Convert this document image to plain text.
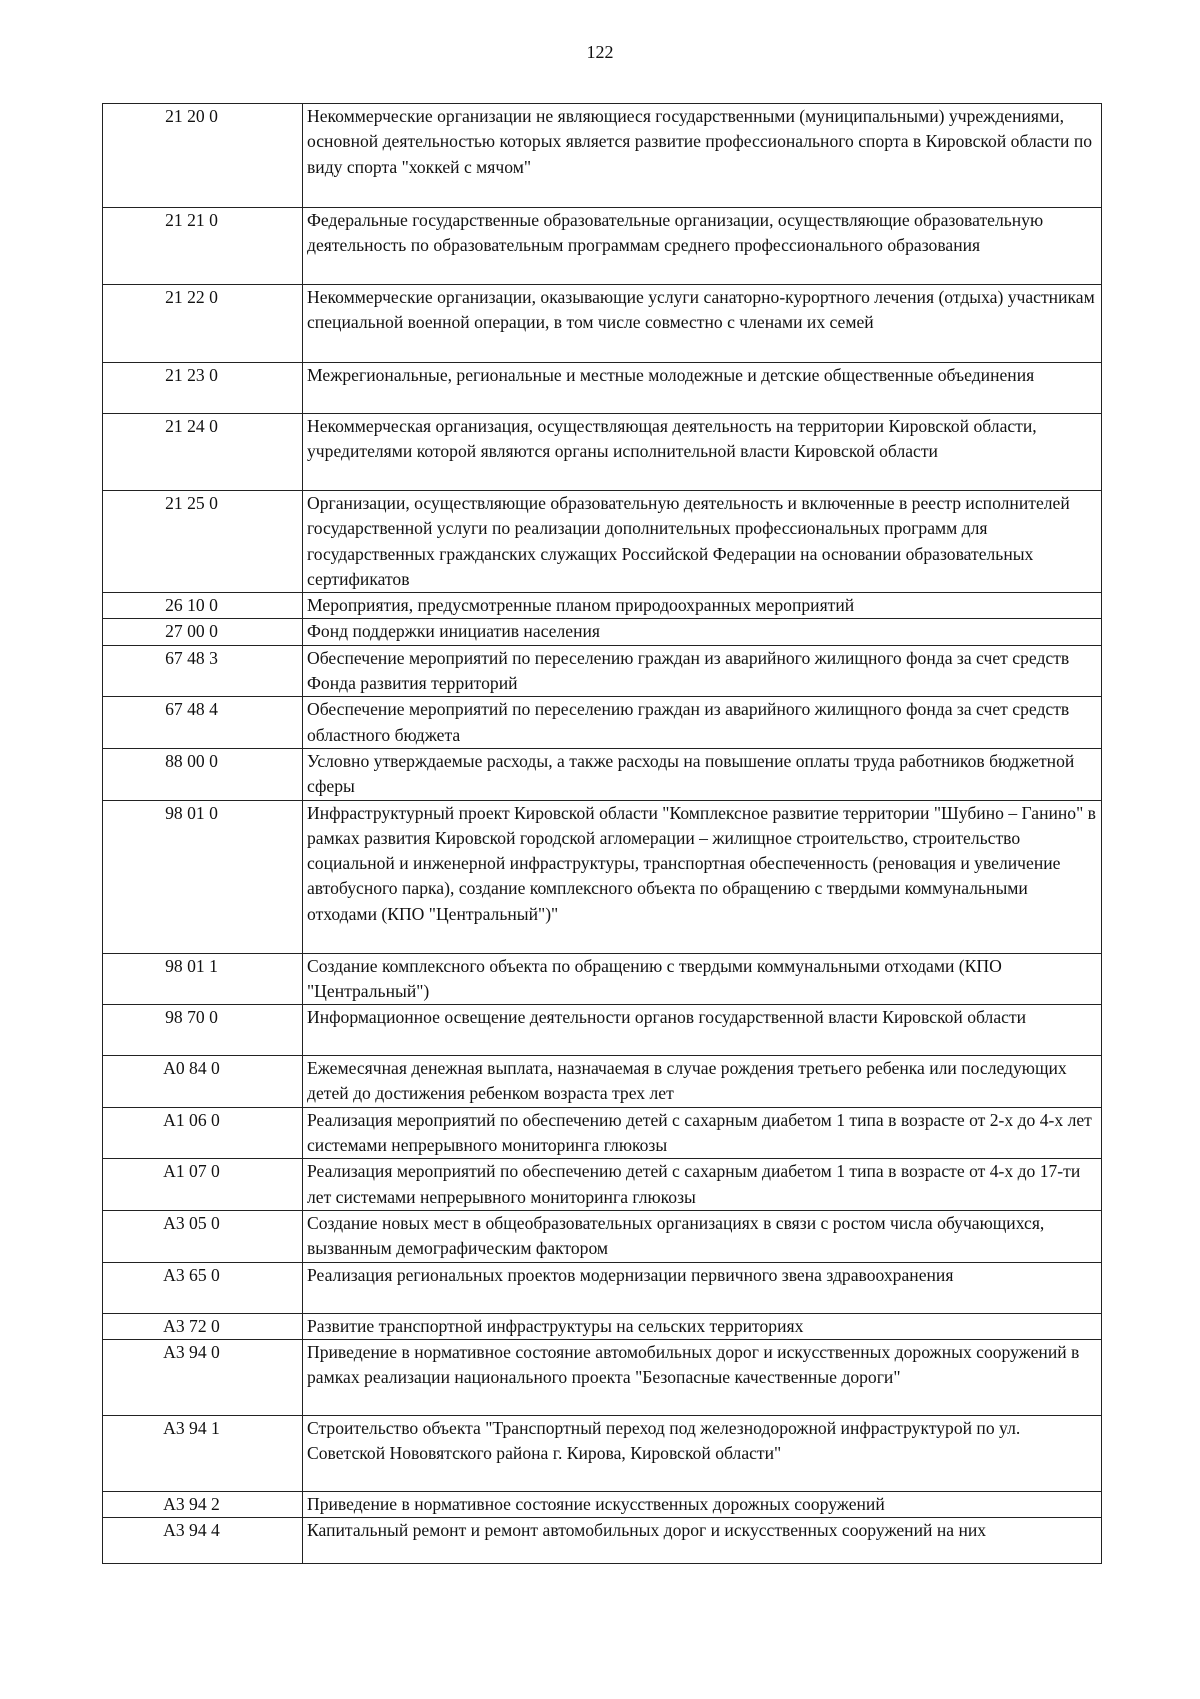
122
21 20 0	Некоммерческие организации не являющиеся государственными (муниципальными) учреждениями, основной деятельностью которых является развитие профессионального спорта в Кировской области по виду спорта "хоккей с мячом"
21 21 0	Федеральные государственные образовательные организации, осуществляющие образовательную деятельность по образовательным программам среднего профессионального образования
21 22 0	Некоммерческие организации, оказывающие услуги санаторно-курортного лечения (отдыха) участникам специальной военной операции, в том числе совместно с членами их семей
21 23 0	Межрегиональные, региональные и местные молодежные и детские общественные объединения
21 24 0	Некоммерческая организация, осуществляющая деятельность на территории Кировской области, учредителями которой являются органы исполнительной власти Кировской области
21 25 0	Организации, осуществляющие образовательную деятельность и включенные в реестр исполнителей государственной услуги по реализации дополнительных профессиональных программ для государственных гражданских служащих Российской Федерации на основании образовательных сертификатов
26 10 0	Мероприятия, предусмотренные планом природоохранных мероприятий
27 00 0	Фонд поддержки инициатив населения
67 48 3	Обеспечение мероприятий по переселению граждан из аварийного жилищного фонда за счет средств Фонда развития территорий
67 48 4	Обеспечение мероприятий по переселению граждан из аварийного жилищного фонда за счет средств областного бюджета
88 00 0	Условно утверждаемые расходы, а также расходы на повышение оплаты труда работников бюджетной сферы
98 01 0	Инфраструктурный проект Кировской области "Комплексное развитие территории "Шубино – Ганино" в рамках развития Кировской городской агломерации – жилищное строительство, строительство социальной и инженерной инфраструктуры, транспортная обеспеченность (реновация и увеличение автобусного парка), создание комплексного объекта по обращению с твердыми коммунальными отходами (КПО "Центральный")"
98 01 1	Создание комплексного объекта по обращению с твердыми коммунальными отходами (КПО "Центральный")
98 70 0	Информационное освещение деятельности органов государственной власти Кировской области
А0 84 0	Ежемесячная денежная выплата, назначаемая в случае рождения третьего ребенка или последующих детей до достижения ребенком возраста трех лет
А1 06 0	Реализация мероприятий по обеспечению детей с сахарным диабетом 1 типа в возрасте от 2-х до 4-х лет системами непрерывного мониторинга глюкозы
А1 07 0	Реализация мероприятий по обеспечению детей с сахарным диабетом 1 типа в возрасте от 4-х до 17-ти лет системами непрерывного мониторинга глюкозы
А3 05 0	Создание новых мест в общеобразовательных организациях в связи с ростом числа обучающихся, вызванным демографическим фактором
А3 65 0	Реализация региональных проектов модернизации первичного звена здравоохранения
А3 72 0	Развитие транспортной инфраструктуры на сельских территориях
А3 94 0	Приведение в нормативное состояние автомобильных дорог и искусственных дорожных сооружений в рамках реализации национального проекта "Безопасные качественные дороги"
А3 94 1	Строительство объекта "Транспортный переход под железнодорожной инфраструктурой по ул. Советской Нововятского района г. Кирова, Кировской области"
А3 94 2	Приведение в нормативное состояние искусственных дорожных сооружений
А3 94 4	Капитальный ремонт и ремонт автомобильных дорог и искусственных сооружений на них
